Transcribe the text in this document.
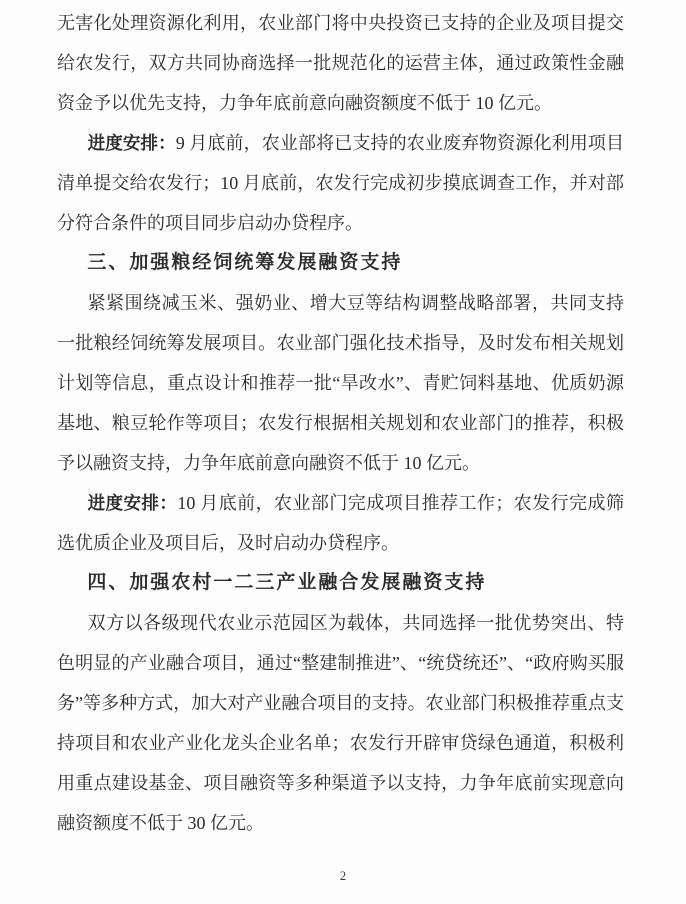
无害化处理资源化利用，农业部门将中央投资已支持的企业及项目提交给农发行，双方共同协商选择一批规范化的运营主体，通过政策性金融资金予以优先支持，力争年底前意向融资额度不低于 10 亿元。

进度安排：9 月底前，农业部将已支持的农业废弃物资源化利用项目清单提交给农发行；10 月底前，农发行完成初步摸底调查工作，并对部分符合条件的项目同步启动办贷程序。

三、加强粮经饲统筹发展融资支持

紧紧围绕减玉米、强奶业、增大豆等结构调整战略部署，共同支持一批粮经饲统筹发展项目。农业部门强化技术指导，及时发布相关规划计划等信息，重点设计和推荐一批“旱改水”、青贮饲料基地、优质奶源基地、粮豆轮作等项目；农发行根据相关规划和农业部门的推荐，积极予以融资支持，力争年底前意向融资不低于 10 亿元。

进度安排：10 月底前，农业部门完成项目推荐工作；农发行完成筛选优质企业及项目后，及时启动办贷程序。

四、加强农村一二三产业融合发展融资支持

双方以各级现代农业示范园区为载体，共同选择一批优势突出、特色明显的产业融合项目，通过“整建制推进”、“统贷统还”、“政府购买服务”等多种方式，加大对产业融合项目的支持。农业部门积极推荐重点支持项目和农业产业化龙头企业名单；农发行开辟审贷绿色通道，积极利用重点建设基金、项目融资等多种渠道予以支持，力争年底前实现意向融资额度不低于 30 亿元。

2
